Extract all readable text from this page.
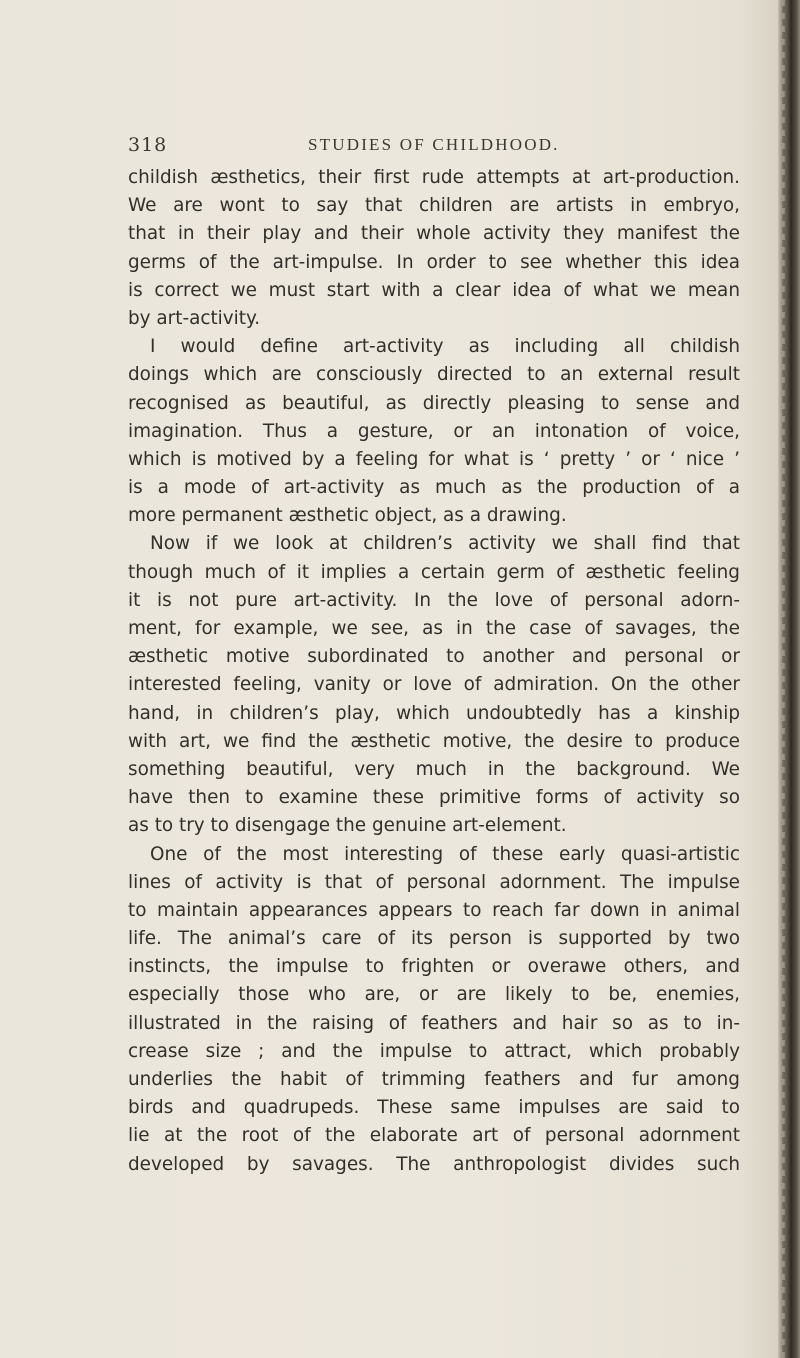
318	STUDIES OF CHILDHOOD.
childish æsthetics, their first rude attempts at art-production.
We are wont to say that children are artists in embryo,
that in their play and their whole activity they manifest the
germs of the art-impulse. In order to see whether this idea
is correct we must start with a clear idea of what we mean
by art-activity.
I would define art-activity as including all childish
doings which are consciously directed to an external result
recognised as beautiful, as directly pleasing to sense and
imagination. Thus a gesture, or an intonation of voice,
which is motived by a feeling for what is ‘ pretty ’ or ‘ nice ’
is a mode of art-activity as much as the production of a
more permanent æsthetic object, as a drawing.
Now if we look at children’s activity we shall find that
though much of it implies a certain germ of æsthetic feeling
it is not pure art-activity. In the love of personal adorn-
ment, for example, we see, as in the case of savages, the
æsthetic motive subordinated to another and personal or
interested feeling, vanity or love of admiration. On the other
hand, in children’s play, which undoubtedly has a kinship
with art, we find the æsthetic motive, the desire to produce
something beautiful, very much in the background. We
have then to examine these primitive forms of activity so
as to try to disengage the genuine art-element.
One of the most interesting of these early quasi-artistic
lines of activity is that of personal adornment. The impulse
to maintain appearances appears to reach far down in animal
life. The animal’s care of its person is supported by two
instincts, the impulse to frighten or overawe others, and
especially those who are, or are likely to be, enemies,
illustrated in the raising of feathers and hair so as to in-
crease size ; and the impulse to attract, which probably
underlies the habit of trimming feathers and fur among
birds and quadrupeds. These same impulses are said to
lie at the root of the elaborate art of personal adornment
developed by savages. The anthropologist divides such
